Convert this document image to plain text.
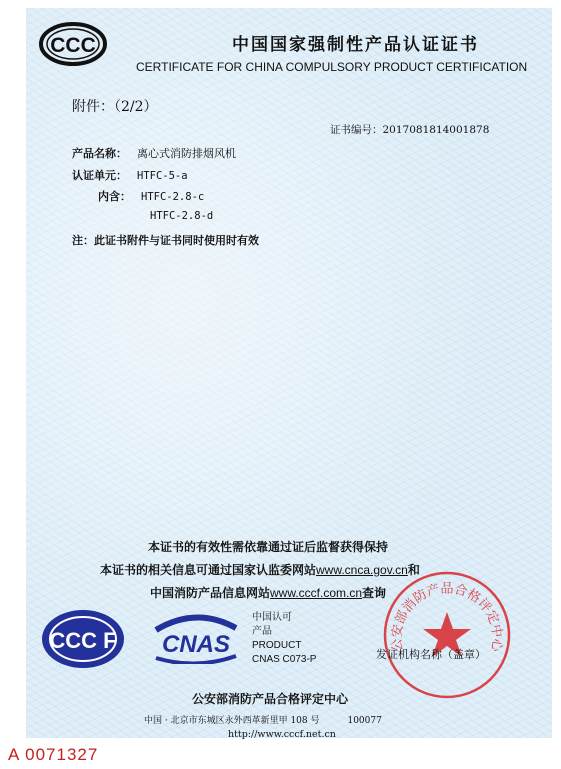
CCC	中国国家强制性产品认证证书
CERTIFICATE FOR CHINA COMPULSORY PRODUCT CERTIFICATION
附件：（2/2）
证书编号：2017081814001878
产品名称： 离心式消防排烟风机
认证单元： HTFC-5-a
内含： HTFC-2.8-c
HTFC-2.8-d
注：此证书附件与证书同时使用时有效
公安部消防产品合格评定中心
本证书的有效性需依靠通过证后监督获得保持
本证书的相关信息可通过国家认监委网站www.cnca.gov.cn和
中国消防产品信息网站www.cccf.com.cn查询
CCC F CNAS
中国认可
产品
PRODUCT
CNAS C073-P	发证机构名称（盖章）
公安部消防产品合格评定中心
中国 · 北京市东城区永外西革新里甲 108 号	100077
http://www.cccf.net.cn
A 0071327
